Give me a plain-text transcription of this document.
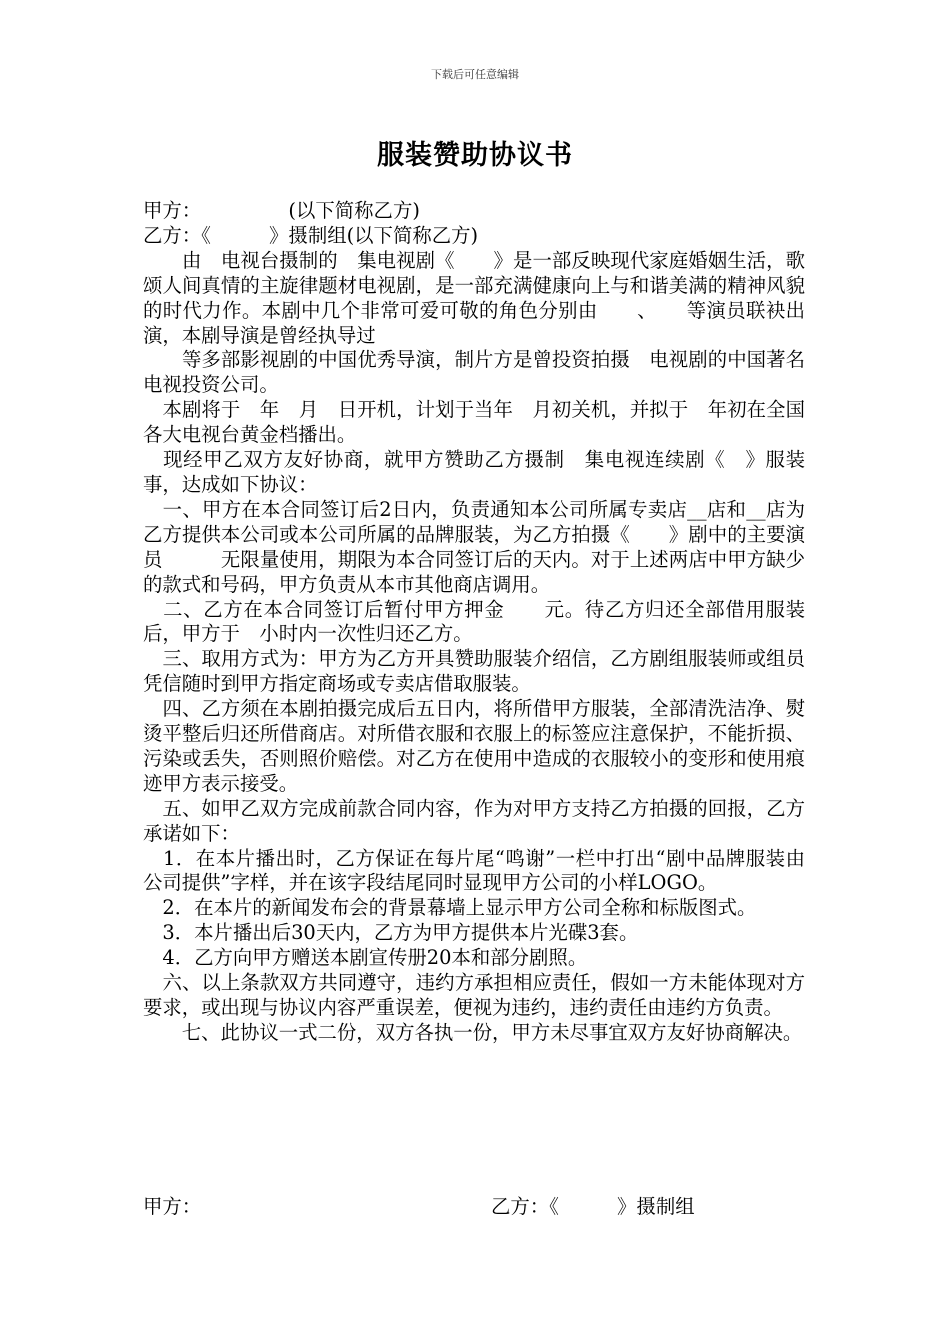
下载后可任意编辑
服装赞助协议书

甲方：　　　　　(以下简称乙方)

乙方：《　　　》摄制组(以下简称乙方)

　　由　电视台摄制的　集电视剧《　　》是一部反映现代家庭婚姻生活，歌颂人间真情的主旋律题材电视剧，是一部充满健康向上与和谐美满的精神风貌的时代力作。本剧中几个非常可爱可敬的角色分别由　　、　　等演员联袂出演，本剧导演是曾经执导过

　　等多部影视剧的中国优秀导演，制片方是曾投资拍摄　电视剧的中国著名电视投资公司。

　本剧将于　年　月　日开机，计划于当年　月初关机，并拟于　年初在全国各大电视台黄金档播出。

　现经甲乙双方友好协商，就甲方赞助乙方摄制　集电视连续剧《　》服装事，达成如下协议：

　一、甲方在本合同签订后2日内，负责通知本公司所属专卖店__店和__店为乙方提供本公司或本公司所属的品牌服装，为乙方拍摄《　　》剧中的主要演员　　　无限量使用，期限为本合同签订后的天内。对于上述两店中甲方缺少的款式和号码，甲方负责从本市其他商店调用。

　二、乙方在本合同签订后暂付甲方押金　　元。待乙方归还全部借用服装后，甲方于　小时内一次性归还乙方。

　三、取用方式为：甲方为乙方开具赞助服装介绍信，乙方剧组服装师或组员凭信随时到甲方指定商场或专卖店借取服装。

　四、乙方须在本剧拍摄完成后五日内，将所借甲方服装，全部清洗洁净、熨烫平整后归还所借商店。对所借衣服和衣服上的标签应注意保护，不能折损、污染或丢失，否则照价赔偿。对乙方在使用中造成的衣服较小的变形和使用痕迹甲方表示接受。

　五、如甲乙双方完成前款合同内容，作为对甲方支持乙方拍摄的回报，乙方承诺如下：

　1．在本片播出时，乙方保证在每片尾“鸣谢”一栏中打出“剧中品牌服装由　　　　　公司提供”字样，并在该字段结尾同时显现甲方公司的小样LOGO。

　2．在本片的新闻发布会的背景幕墙上显示甲方公司全称和标版图式。

　3．本片播出后30天内，乙方为甲方提供本片光碟3套。

　4．乙方向甲方赠送本剧宣传册20本和部分剧照。

　六、以上条款双方共同遵守，违约方承担相应责任，假如一方未能体现对方要求，或出现与协议内容严重误差，便视为违约，违约责任由违约方负责。

　　七、此协议一式二份，双方各执一份，甲方未尽事宜双方友好协商解决。

甲方：	乙方：《　　　》摄制组
